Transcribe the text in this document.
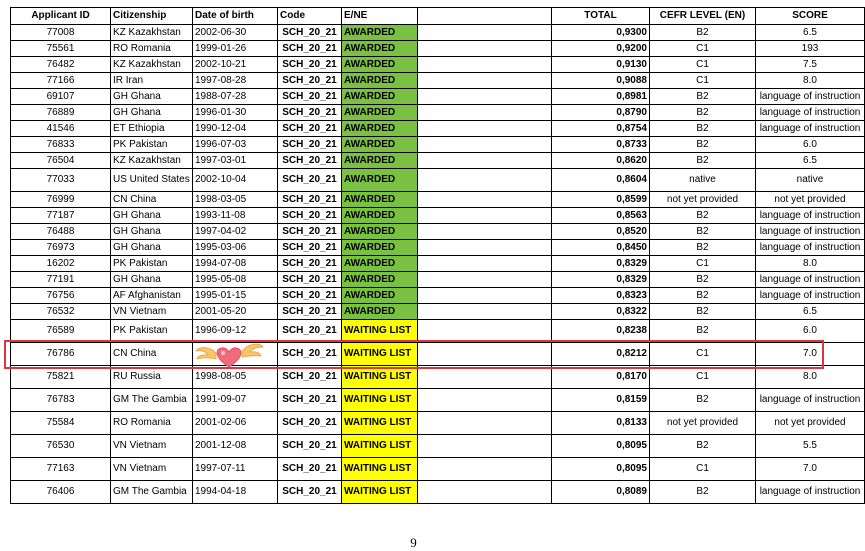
Applicant ID	Citizenship	Date of birth	Code	E/NE		TOTAL	CEFR LEVEL (EN)	SCORE
77008	KZ Kazakhstan	2002-06-30	SCH_20_21	AWARDED		0,9300	B2	6.5
75561	RO Romania	1999-01-26	SCH_20_21	AWARDED		0,9200	C1	193
76482	KZ Kazakhstan	2002-10-21	SCH_20_21	AWARDED		0,9130	C1	7.5
77166	IR Iran	1997-08-28	SCH_20_21	AWARDED		0,9088	C1	8.0
69107	GH Ghana	1988-07-28	SCH_20_21	AWARDED		0,8981	B2	language of instruction
76889	GH Ghana	1996-01-30	SCH_20_21	AWARDED		0,8790	B2	language of instruction
41546	ET Ethiopia	1990-12-04	SCH_20_21	AWARDED		0,8754	B2	language of instruction
76833	PK Pakistan	1996-07-03	SCH_20_21	AWARDED		0,8733	B2	6.0
76504	KZ Kazakhstan	1997-03-01	SCH_20_21	AWARDED		0,8620	B2	6.5
77033	US United States	2002-10-04	SCH_20_21	AWARDED		0,8604	native	native
76999	CN China	1998-03-05	SCH_20_21	AWARDED		0,8599	not yet provided	not yet provided
77187	GH Ghana	1993-11-08	SCH_20_21	AWARDED		0,8563	B2	language of instruction
76488	GH Ghana	1997-04-02	SCH_20_21	AWARDED		0,8520	B2	language of instruction
76973	GH Ghana	1995-03-06	SCH_20_21	AWARDED		0,8450	B2	language of instruction
16202	PK Pakistan	1994-07-08	SCH_20_21	AWARDED		0,8329	C1	8.0
77191	GH Ghana	1995-05-08	SCH_20_21	AWARDED		0,8329	B2	language of instruction
76756	AF Afghanistan	1995-01-15	SCH_20_21	AWARDED		0,8323	B2	language of instruction
76532	VN Vietnam	2001-05-20	SCH_20_21	AWARDED		0,8322	B2	6.5
76589	PK Pakistan	1996-09-12	SCH_20_21	WAITING LIST		0,8238	B2	6.0
76786	CN China		SCH_20_21	WAITING LIST		0,8212	C1	7.0
75821	RU Russia	1998-08-05	SCH_20_21	WAITING LIST		0,8170	C1	8.0
76783	GM The Gambia	1991-09-07	SCH_20_21	WAITING LIST		0,8159	B2	language of instruction
75584	RO Romania	2001-02-06	SCH_20_21	WAITING LIST		0,8133	not yet provided	not yet provided
76530	VN Vietnam	2001-12-08	SCH_20_21	WAITING LIST		0,8095	B2	5.5
77163	VN Vietnam	1997-07-11	SCH_20_21	WAITING LIST		0,8095	C1	7.0
76406	GM The Gambia	1994-04-18	SCH_20_21	WAITING LIST		0,8089	B2	language of instruction
9
